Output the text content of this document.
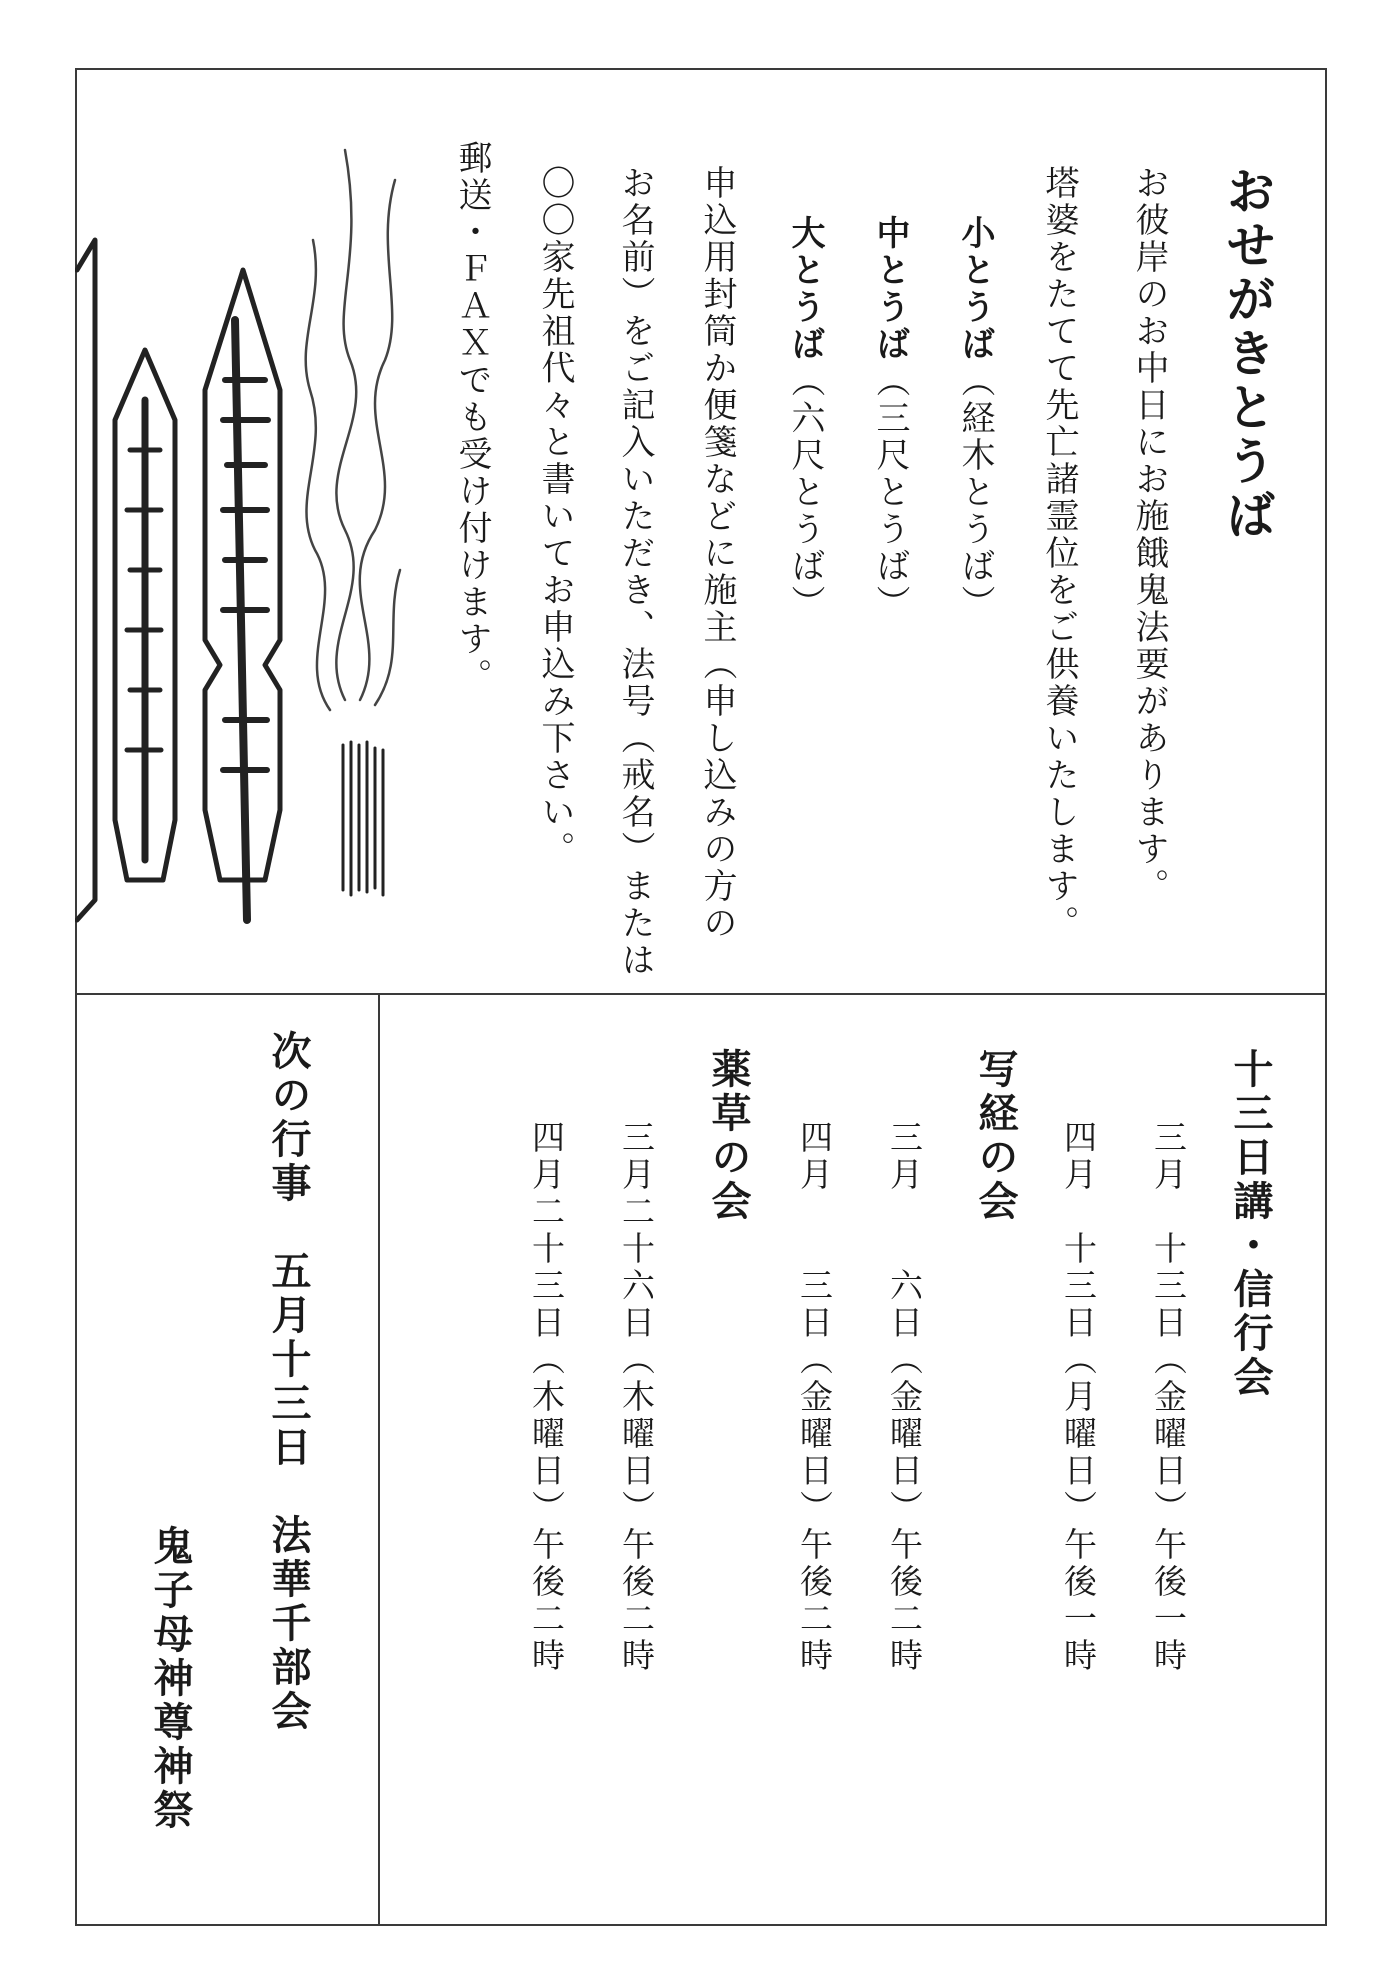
おせがきとうば
お彼岸のお中日にお施餓鬼法要があります。
塔婆をたてて先亡諸霊位をご供養いたします。
小とうば（経木とうば）
中とうば（三尺とうば）
大とうば（六尺とうば）
申込用封筒か便箋などに施主（申し込みの方の
お名前）をご記入いただき、法号（戒名）または
〇〇家先祖代々と書いてお申込み下さい。
郵送・ＦＡＸでも受け付けます。
十三日講・信行会
三月　十三日（金曜日）午後一時
四月　十三日（月曜日）午後一時
写経の会
三月　　六日（金曜日）午後二時
四月　　三日（金曜日）午後二時
薬草の会
三月二十六日（木曜日）午後二時
四月二十三日（木曜日）午後二時
次の行事　五月十三日　法華千部会
鬼子母神尊神祭
